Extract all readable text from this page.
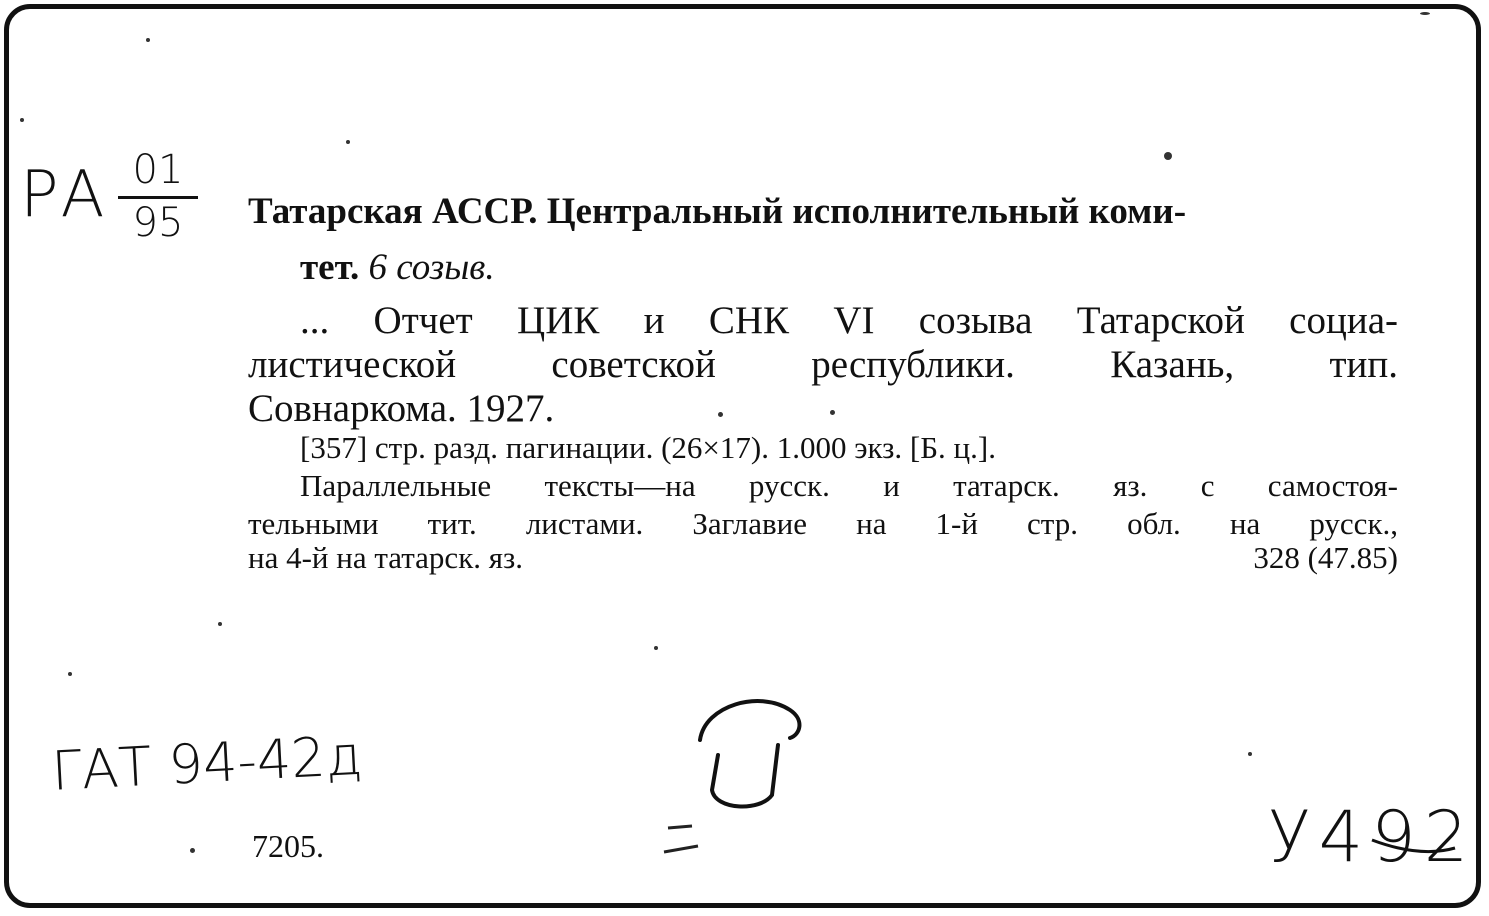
РА 01
95	Татарская АССР. Центральный исполнительный коми-
тет. 6 созыв.
... Отчет ЦИК и СНК VI созыва Татарской социа-
листической советской республики. Казань, тип.
Совнаркома. 1927.
[357] стр. разд. пагинации. (26×17). 1.000 экз. [Б. ц.].
Параллельные тексты—на русск. и татарск. яз. с самостоя-
тельными тит. листами. Заглавие на 1-й стр. обл. на русск.,
на 4-й на татарск. яз.	328 (47.85)
ГАТ 94-42д
7205.	У492
